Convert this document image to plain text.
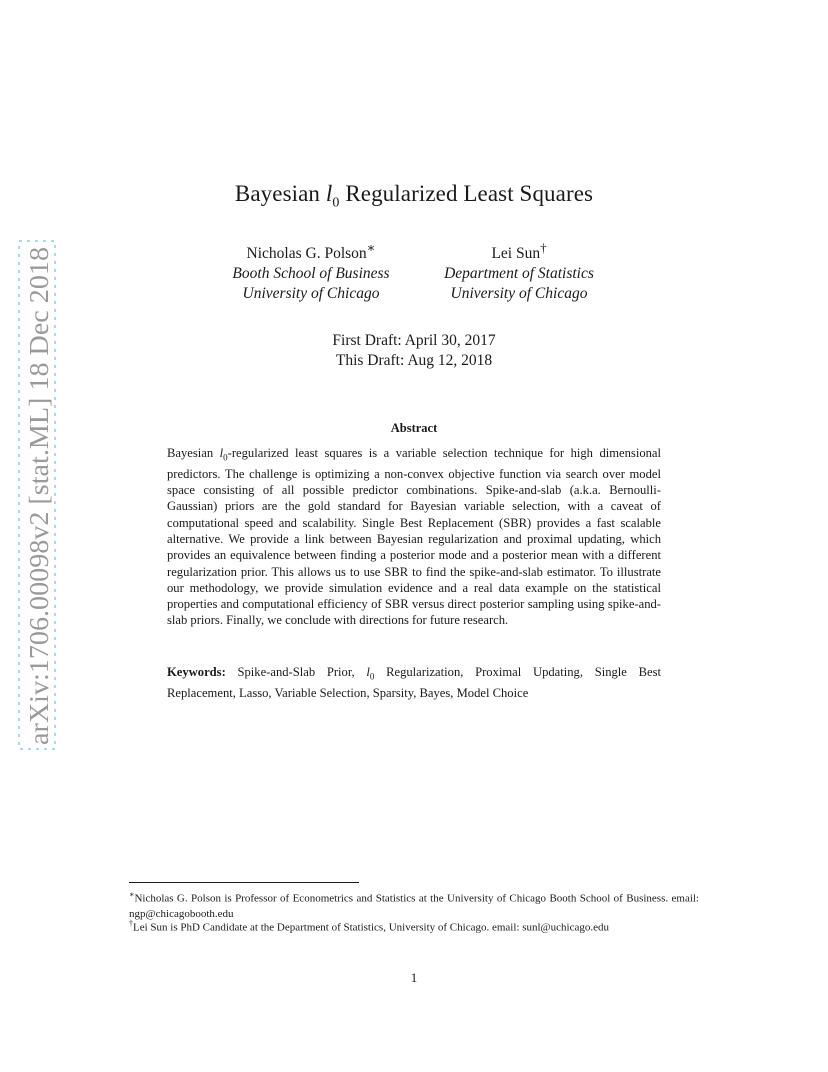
arXiv:1706.00098v2 [stat.ML] 18 Dec 2018
Bayesian $l_0$ Regularized Least Squares
Nicholas G. Polson∗
Booth School of Business
University of Chicago
Lei Sun†
Department of Statistics
University of Chicago
First Draft: April 30, 2017
This Draft: Aug 12, 2018
Abstract
Bayesian $l_0$-regularized least squares is a variable selection technique for high dimensional predictors. The challenge is optimizing a non-convex objective function via search over model space consisting of all possible predictor combinations. Spike-and-slab (a.k.a. Bernoulli-Gaussian) priors are the gold standard for Bayesian variable selection, with a caveat of computational speed and scalability. Single Best Replacement (SBR) provides a fast scalable alternative. We provide a link between Bayesian regularization and proximal updating, which provides an equivalence between finding a posterior mode and a posterior mean with a different regularization prior. This allows us to use SBR to find the spike-and-slab estimator. To illustrate our methodology, we provide simulation evidence and a real data example on the statistical properties and computational efficiency of SBR versus direct posterior sampling using spike-and-slab priors. Finally, we conclude with directions for future research.
Keywords: Spike-and-Slab Prior, $l_0$ Regularization, Proximal Updating, Single Best Replacement, Lasso, Variable Selection, Sparsity, Bayes, Model Choice
∗Nicholas G. Polson is Professor of Econometrics and Statistics at the University of Chicago Booth School of Business. email: ngp@chicagobooth.edu
†Lei Sun is PhD Candidate at the Department of Statistics, University of Chicago. email: sunl@uchicago.edu
1
